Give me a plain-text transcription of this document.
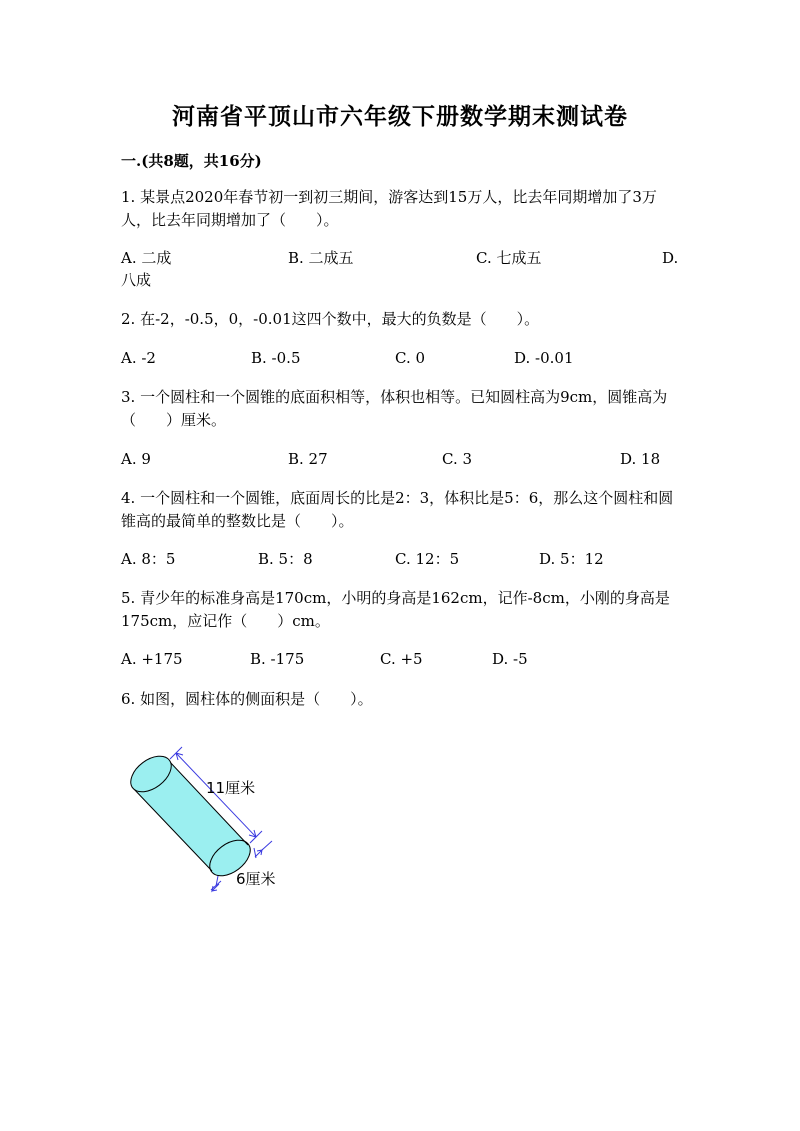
河南省平顶山市六年级下册数学期末测试卷
一.(共8题，共16分)
1. 某景点2020年春节初一到初三期间，游客达到15万人，比去年同期增加了3万人，比去年同期增加了（　　）。
A. 二成	B. 二成五	C. 七成五	D.
八成
2. 在-2，-0.5，0，-0.01这四个数中，最大的负数是（　　）。
A. -2	B. -0.5	C. 0	D. -0.01
3. 一个圆柱和一个圆锥的底面积相等，体积也相等。已知圆柱高为9cm，圆锥高为（　　）厘米。
A. 9	B. 27	C. 3	D. 18
4. 一个圆柱和一个圆锥，底面周长的比是2：3，体积比是5：6，那么这个圆柱和圆锥高的最简单的整数比是（　　）。
A. 8：5	B. 5：8	C. 12：5	D. 5：12
5. 青少年的标准身高是170cm，小明的身高是162cm，记作-8cm，小刚的身高是175cm，应记作（　　）cm。
A. +175	B. -175	C. +5	D. -5
6. 如图，圆柱体的侧面积是（　　）。
11厘米
6厘米
